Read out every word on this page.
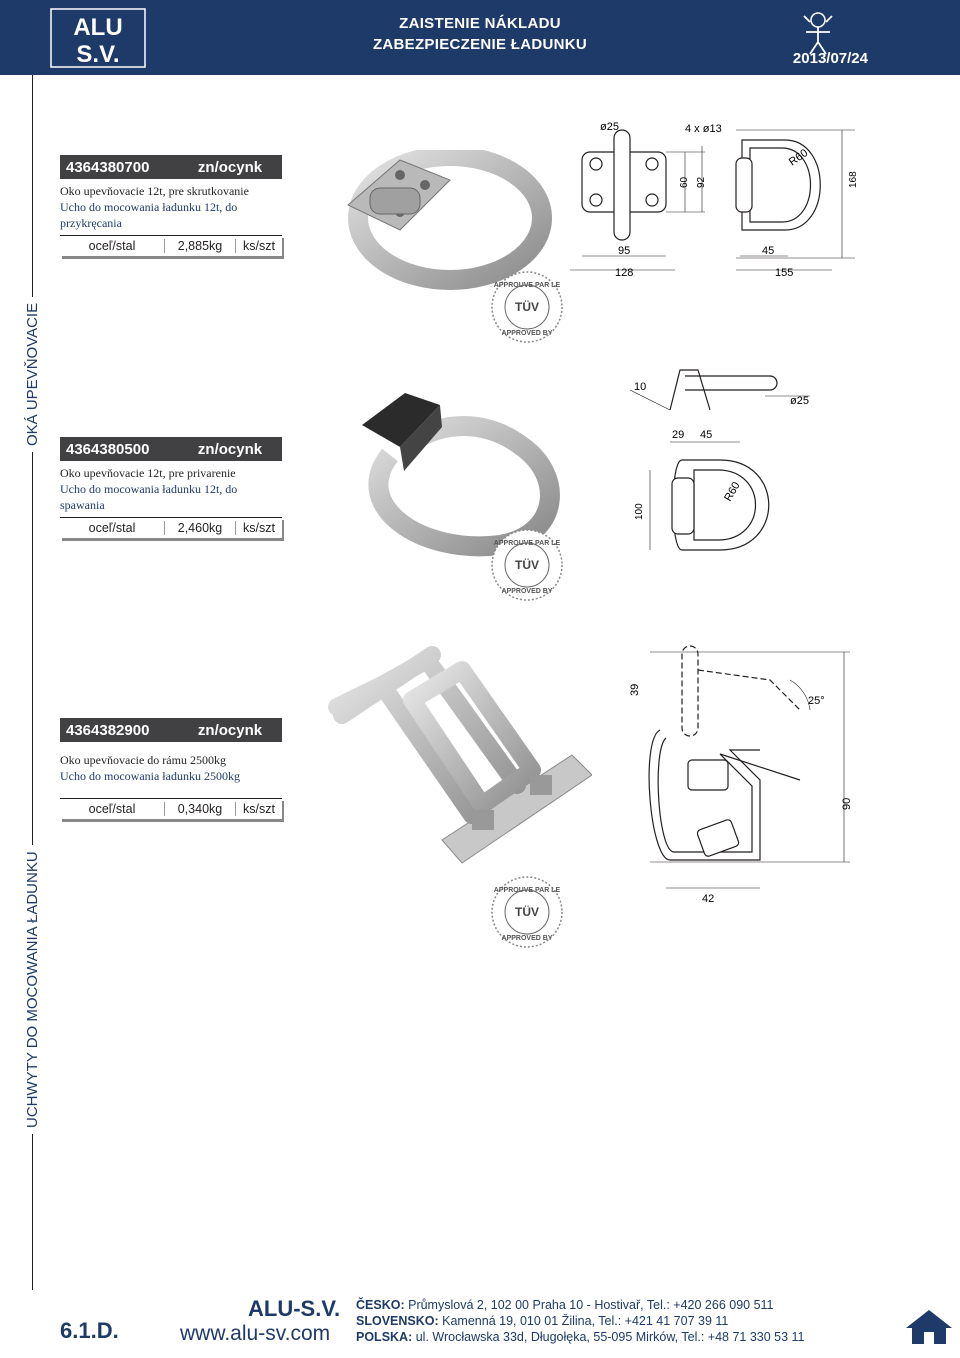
ALU
S.V.
ZAISTENIE NÁKLADU
ZABEZPIECZENIE ŁADUNKU
2013/07/24
OKÁ UPEVŇOVACIE
UCHWYTY DO MOCOWANIA ŁADUNKU
4364380700	zn/ocynk
Oko upevňovacie 12t, pre skrutkovanie
Ucho do mocowania ładunku 12t, do przykręcania
oceľ/stal	2,885kg	ks/szt
4364380500	zn/ocynk
Oko upevňovacie 12t, pre privarenie
Ucho do mocowania ładunku 12t, do spawania
oceľ/stal	2,460kg	ks/szt
4364382900	zn/ocynk
Oko upevňovacie do rámu 2500kg
Ucho do mocowania ładunku 2500kg
oceľ/stal	0,340kg	ks/szt
APPROUVE PAR LE
TÜV
APPROVED BY
APPROUVE PAR LE
TÜV
APPROVED BY
APPROUVE PAR LE
TÜV
APPROVED BY
ø25	4 x ø13
60 92
95
128
45
155
168
R60
10
ø25
29 45
100
R60
39
25°
90
42
6.1.D.
ALU-S.V.
www.alu-sv.com
ČESKO: Průmyslová 2, 102 00 Praha 10 - Hostivař, Tel.: +420 266 090 511
SLOVENSKO: Kamenná 19, 010 01 Žilina, Tel.: +421 41 707 39 11
POLSKA: ul. Wrocławska 33d, Długołęka, 55-095 Mirków, Tel.: +48 71 330 53 11
